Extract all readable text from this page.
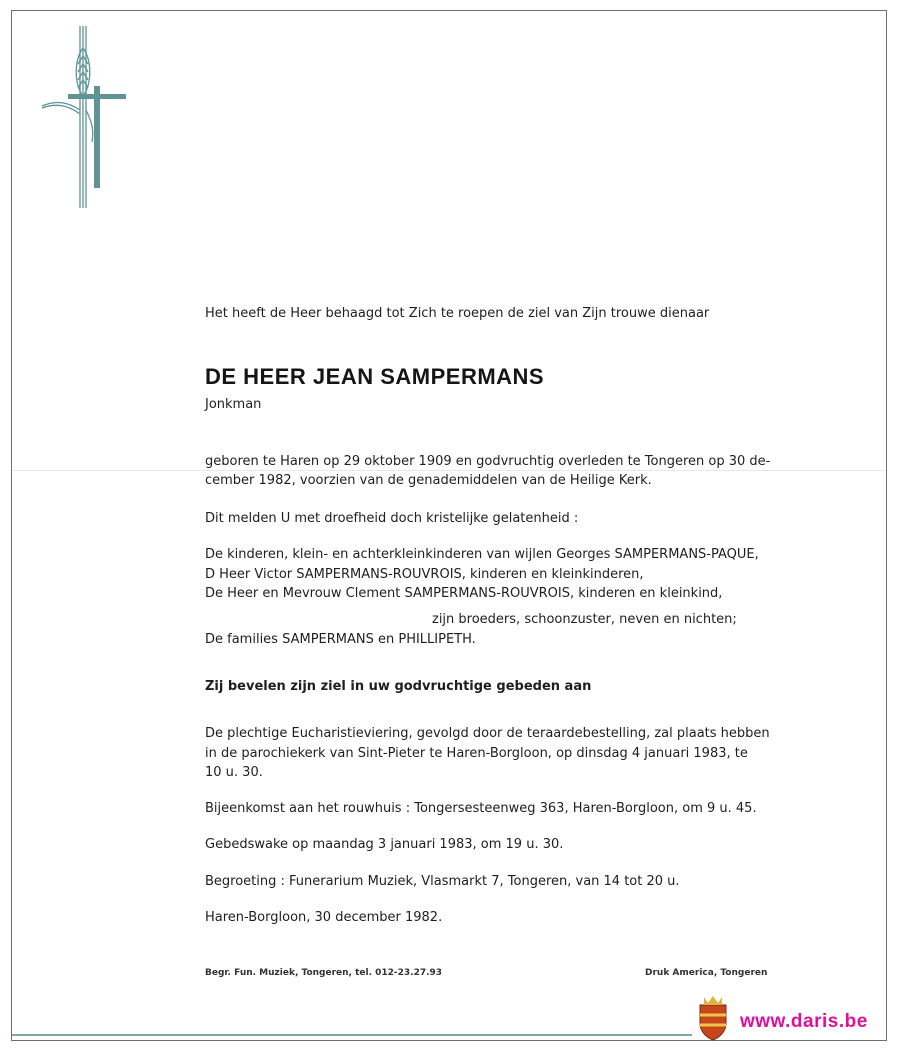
Het heeft de Heer behaagd tot Zich te roepen de ziel van Zijn trouwe dienaar
DE HEER JEAN SAMPERMANS
Jonkman
geboren te Haren op 29 oktober 1909 en godvruchtig overleden te Tongeren op 30 de-
cember 1982, voorzien van de genademiddelen van de Heilige Kerk.
Dit melden U met droefheid doch kristelijke gelatenheid :
De kinderen, klein- en achterkleinkinderen van wijlen Georges SAMPERMANS-PAQUE,
D Heer Victor SAMPERMANS-ROUVROIS, kinderen en kleinkinderen,
De Heer en Mevrouw Clement SAMPERMANS-ROUVROIS, kinderen en kleinkind,
zijn broeders, schoonzuster, neven en nichten;
De families SAMPERMANS en PHILLIPETH.
Zij bevelen zijn ziel in uw godvruchtige gebeden aan
De plechtige Eucharistieviering, gevolgd door de teraardebestelling, zal plaats hebben
in de parochiekerk van Sint-Pieter te Haren-Borgloon, op dinsdag 4 januari 1983, te
10 u. 30.
Bijeenkomst aan het rouwhuis : Tongersesteenweg 363, Haren-Borgloon, om 9 u. 45.
Gebedswake op maandag 3 januari 1983, om 19 u. 30.
Begroeting : Funerarium Muziek, Vlasmarkt 7, Tongeren, van 14 tot 20 u.
Haren-Borgloon, 30 december 1982.
Begr. Fun. Muziek, Tongeren, tel. 012-23.27.93	Druk America, Tongeren
www.daris.be
